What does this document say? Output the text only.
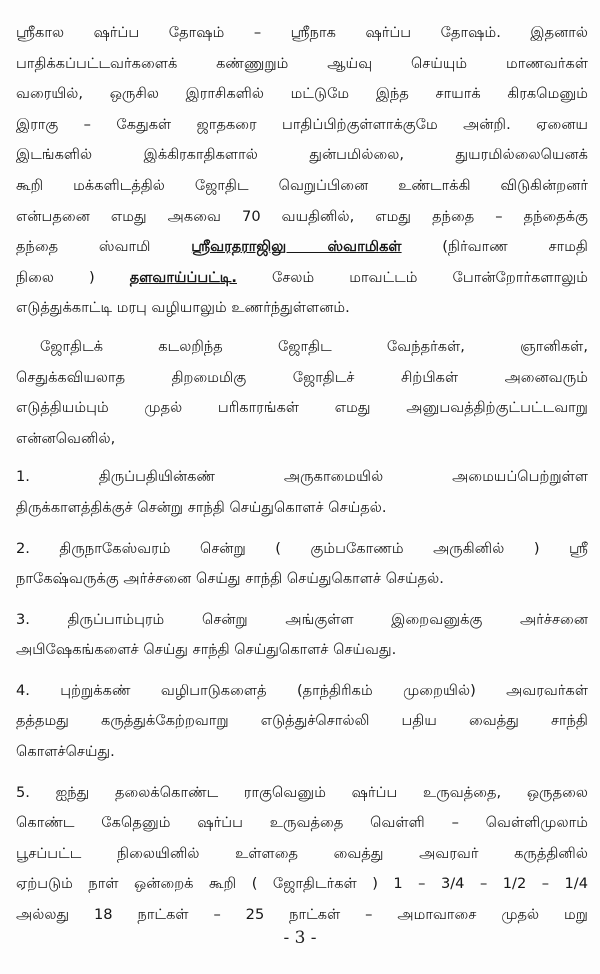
ஸ்ரீகால ஷர்ப்ப தோஷம் – ஸ்ரீநாக ஷர்ப்ப தோஷம். இதனால்
பாதிக்கப்பட்டவர்களைக் கண்ணுறும் ஆய்வு செய்யும் மாணவர்கள்
வரையில், ஒருசில இராசிகளில் மட்டுமே இந்த சாயாக் கிரகமெனும்
இராகு – கேதுகள் ஜாதகரை பாதிப்பிற்குள்ளாக்குமே அன்றி. ஏனைய
இடங்களில் இக்கிரகாதிகளால் துன்பமில்லை, துயரமில்லையெனக்
கூறி மக்களிடத்தில் ஜோதிட வெறுப்பினை உண்டாக்கி விடுகின்றனர்
என்பதனை எமது அகவை 70 வயதினில், எமது தந்தை – தந்தைக்கு
தந்தை ஸ்வாமி ஸ்ரீவரதராஜிலு ஸ்வாமிகள் (நிர்வாண சாமதி
நிலை ) தளவாய்ப்பட்டி. சேலம் மாவட்டம் போன்றோர்களாலும்
எடுத்துக்காட்டி மரபு வழியாலும் உணர்ந்துள்ளனம்.
ஜோதிடக் கடலறிந்த ஜோதிட வேந்தர்கள், ஞானிகள்,
செதுக்கவியலாத திறமைமிகு ஜோதிடச் சிற்பிகள் அனைவரும்
எடுத்தியம்பும் முதல் பரிகாரங்கள் எமது அனுபவத்திற்குட்பட்டவாறு
என்னவெனில்,
1. திருப்பதியின்கண் அருகாமையில் அமையப்பெற்றுள்ள
திருக்காளத்திக்குச் சென்று சாந்தி செய்துகொளச் செய்தல்.
2. திருநாகேஸ்வரம் சென்று ( கும்பகோணம் அருகினில் ) ஸ்ரீ
நாகேஷ்வருக்கு அர்ச்சனை செய்து சாந்தி செய்துகொளச் செய்தல்.
3. திருப்பாம்புரம் சென்று அங்குள்ள இறைவனுக்கு அர்ச்சனை
அபிஷேகங்களைச் செய்து சாந்தி செய்துகொளச் செய்வது.
4. புற்றுக்கண் வழிபாடுகளைத் (தாந்திரிகம் முறையில்) அவரவர்கள்
தத்தமது கருத்துக்கேற்றவாறு எடுத்துச்சொல்லி பதிய வைத்து சாந்தி
கொளச்செய்து.
5. ஐந்து தலைக்கொண்ட ராகுவெனும் ஷர்ப்ப உருவத்தை, ஒருதலை
கொண்ட கேதெனும் ஷர்ப்ப உருவத்தை வெள்ளி – வெள்ளிமுலாம்
பூசப்பட்ட நிலையினில் உள்ளதை வைத்து அவரவர் கருத்தினில்
ஏற்படும் நாள் ஒன்றைக் கூறி ( ஜோதிடர்கள் ) 1 – 3/4 – 1/2 – 1/4
அல்லது 18 நாட்கள் – 25 நாட்கள் – அமாவாசை முதல் மறு
- 3 -
